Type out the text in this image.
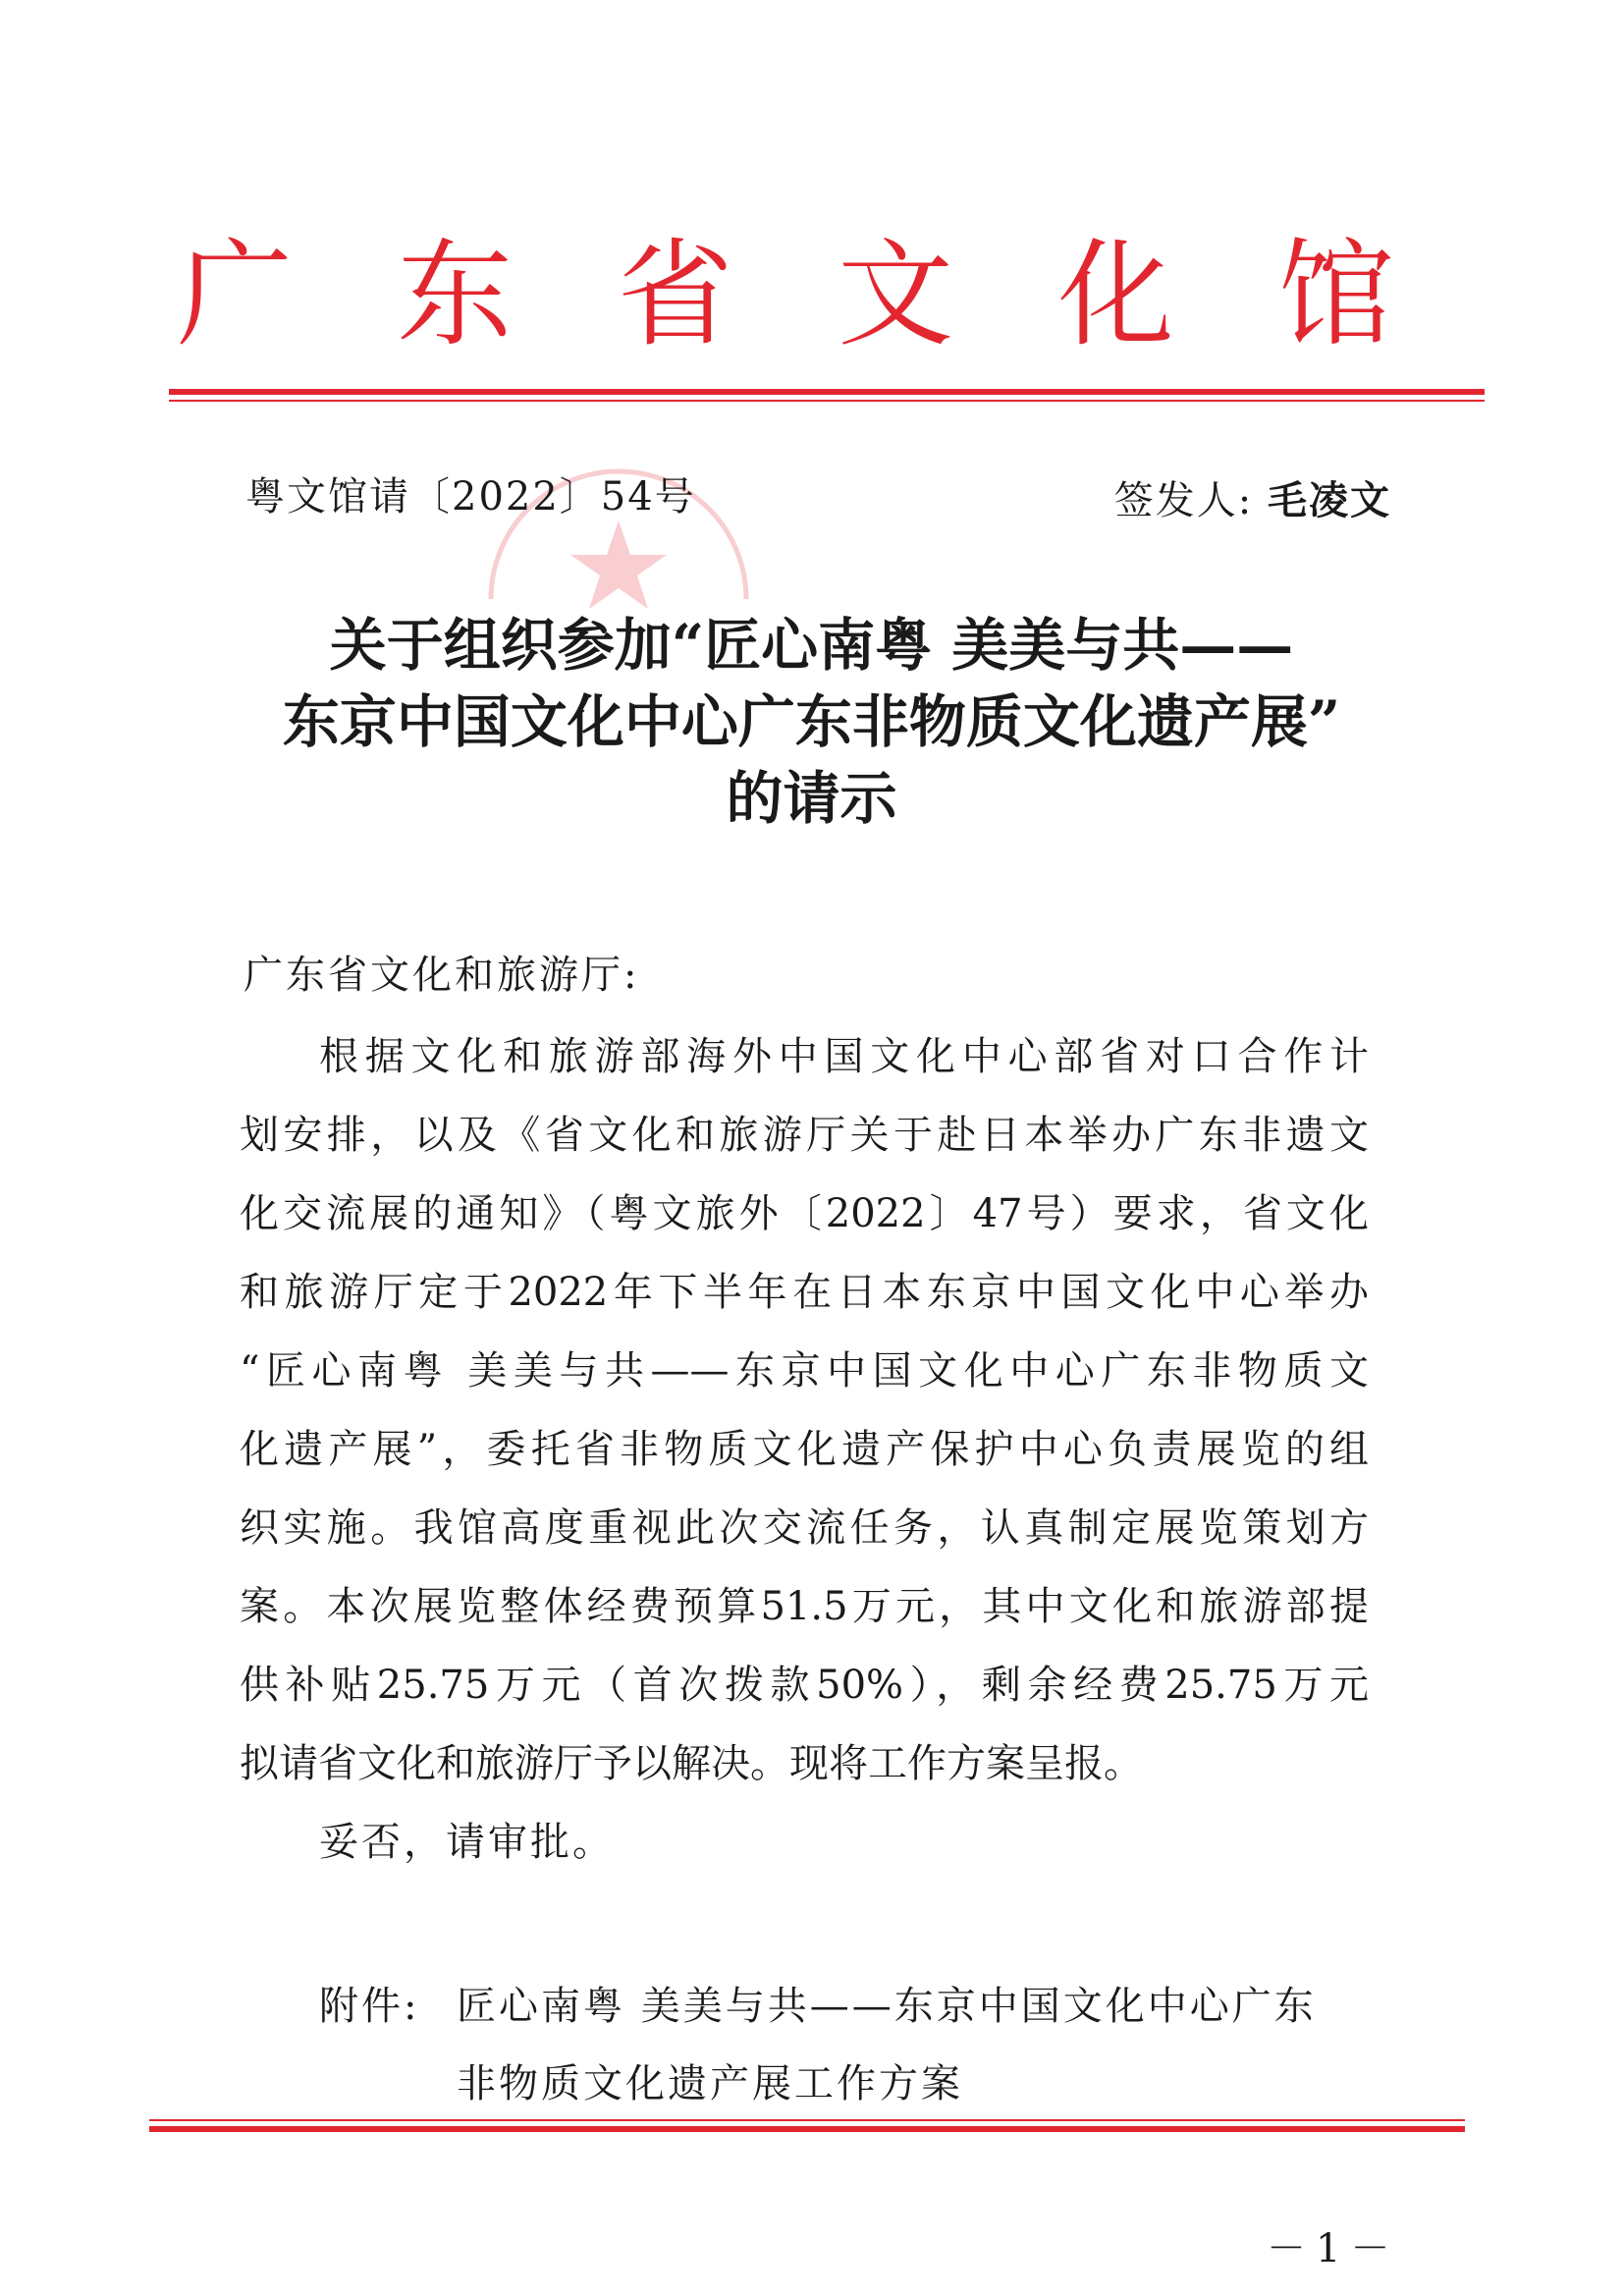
广 东 省 文 化 馆
粤文馆请〔2022〕54号	签发人: 毛凌文
关于组织参加“匠心南粤 美美与共——
东京中国文化中心广东非物质文化遗产展”
的请示
广东省文化和旅游厅:
根据文化和旅游部海外中国文化中心部省对口合作计
划安排，以及《省文化和旅游厅关于赴日本举办广东非遗文
化交流展的通知》（粤文旅外〔2022〕47号）要求，省文化
和旅游厅定于2022年下半年在日本东京中国文化中心举办
“匠心南粤 美美与共——东京中国文化中心广东非物质文
化遗产展”，委托省非物质文化遗产保护中心负责展览的组
织实施。我馆高度重视此次交流任务，认真制定展览策划方
案。本次展览整体经费预算51.5万元，其中文化和旅游部提
供补贴25.75万元（首次拨款50%），剩余经费25.75万元
拟请省文化和旅游厅予以解决。现将工作方案呈报。
妥否，请审批。
附件: 匠心南粤 美美与共——东京中国文化中心广东
非物质文化遗产展工作方案
－1－
